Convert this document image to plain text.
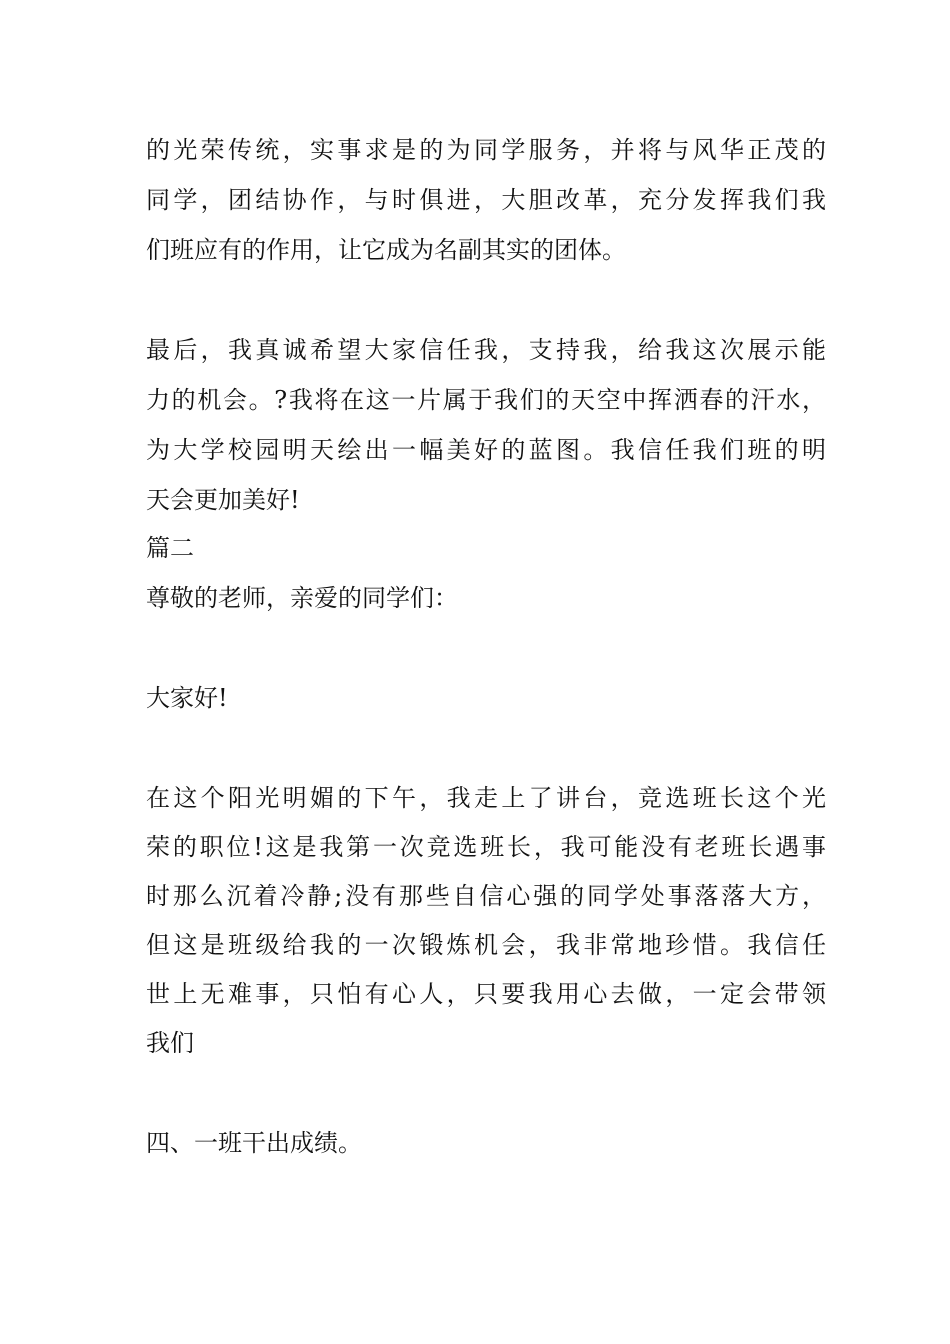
的光荣传统，实事求是的为同学服务，并将与风华正茂的
同学，团结协作，与时俱进，大胆改革，充分发挥我们我
们班应有的作用，让它成为名副其实的团体。
最后，我真诚希望大家信任我，支持我，给我这次展示能
力的机会。?我将在这一片属于我们的天空中挥洒春的汗水，
为大学校园明天绘出一幅美好的蓝图。我信任我们班的明
天会更加美好!
篇二
尊敬的老师，亲爱的同学们：
大家好!
在这个阳光明媚的下午，我走上了讲台，竞选班长这个光
荣的职位!这是我第一次竞选班长，我可能没有老班长遇事
时那么沉着冷静;没有那些自信心强的同学处事落落大方，
但这是班级给我的一次锻炼机会，我非常地珍惜。我信任
世上无难事，只怕有心人，只要我用心去做，一定会带领
我们
四、一班干出成绩。
